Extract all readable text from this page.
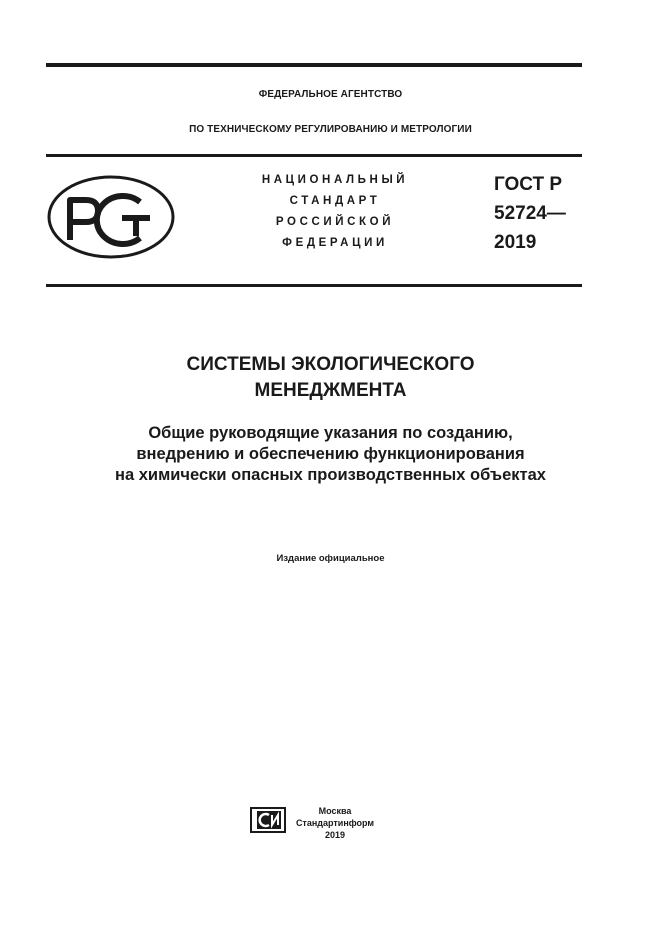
ФЕДЕРАЛЬНОЕ АГЕНТСТВО
ПО ТЕХНИЧЕСКОМУ РЕГУЛИРОВАНИЮ И МЕТРОЛОГИИ
НАЦИОНАЛЬНЫЙ
СТАНДАРТ
РОССИЙСКОЙ
ФЕДЕРАЦИИ
ГОСТ Р
52724—
2019
СИСТЕМЫ ЭКОЛОГИЧЕСКОГО
МЕНЕДЖМЕНТА
Общие руководящие указания по созданию,
внедрению и обеспечению функционирования
на химически опасных производственных объектах
Издание официальное
Москва
Стандартинформ
2019
